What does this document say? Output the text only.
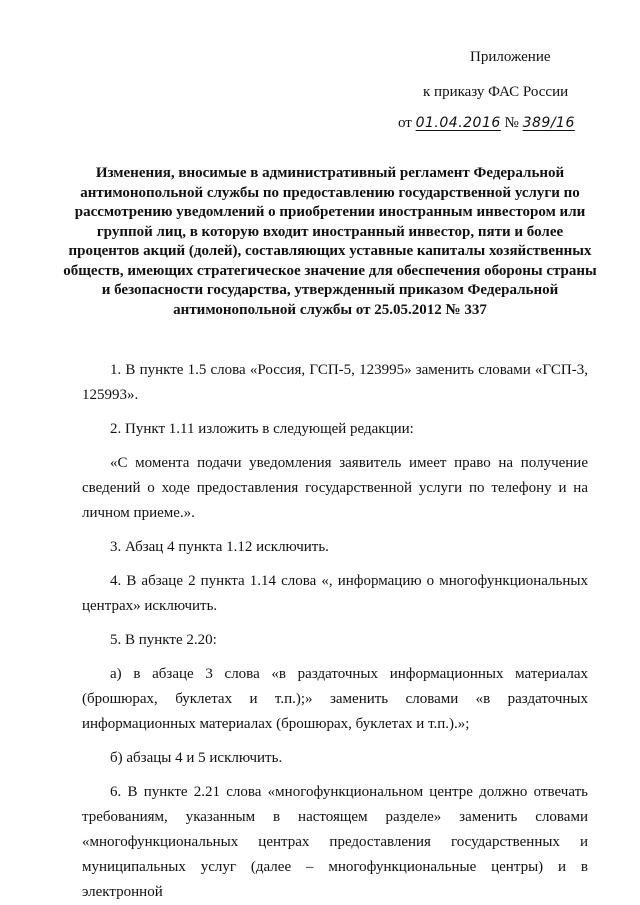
Приложение
к приказу ФАС России
от 01.04.2016 № 389/16
Изменения, вносимые в административный регламент Федеральной антимонопольной службы по предоставлению государственной услуги по рассмотрению уведомлений о приобретении иностранным инвестором или группой лиц, в которую входит иностранный инвестор, пяти и более процентов акций (долей), составляющих уставные капиталы хозяйственных обществ, имеющих стратегическое значение для обеспечения обороны страны и безопасности государства, утвержденный приказом Федеральной антимонопольной службы от 25.05.2012 № 337

1. В пункте 1.5 слова «Россия, ГСП-5, 123995» заменить словами «ГСП-3, 125993».

2. Пункт 1.11 изложить в следующей редакции:

«С момента подачи уведомления заявитель имеет право на получение сведений о ходе предоставления государственной услуги по телефону и на личном приеме.».

3. Абзац 4 пункта 1.12 исключить.

4. В абзаце 2 пункта 1.14 слова «, информацию о многофункциональных центрах» исключить.

5. В пункте 2.20:

а) в абзаце 3 слова «в раздаточных информационных материалах (брошюрах, буклетах и т.п.);» заменить словами «в раздаточных информационных материалах (брошюрах, буклетах и т.п.).»;

б) абзацы 4 и 5 исключить.

6. В пункте 2.21 слова «многофункциональном центре должно отвечать требованиям, указанным в настоящем разделе» заменить словами «многофункциональных центрах предоставления государственных и муниципальных услуг (далее – многофункциональные центры) и в электронной
